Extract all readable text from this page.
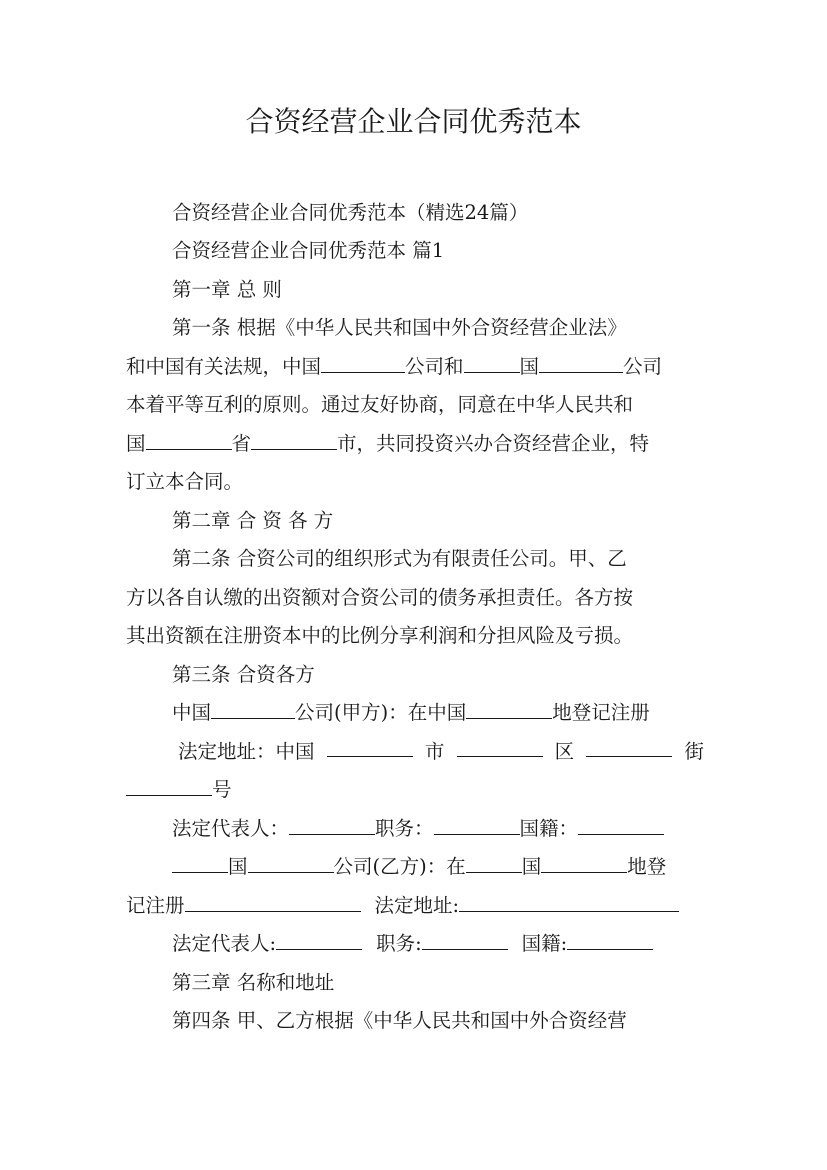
合资经营企业合同优秀范本
合资经营企业合同优秀范本（精选24篇）
合资经营企业合同优秀范本 篇1
第一章 总 则
第一条 根据《中华人民共和国中外合资经营企业法》
和中国有关法规，中国	公司和	国	公司
本着平等互利的原则。通过友好协商，同意在中华人民共和
国	省	市，共同投资兴办合资经营企业，特
订立本合同。
第二章 合 资 各 方
第二条 合资公司的组织形式为有限责任公司。甲、乙
方以各自认缴的出资额对合资公司的债务承担责任。各方按
其出资额在注册资本中的比例分享利润和分担风险及亏损。
第三条 合资各方
中国	公司(甲方)：在中国	地登记注册
法定地址：中国	市	区	街
号
法定代表人：	职务：	国籍：
国	公司(乙方)：在	国	地登
记注册	法定地址:
法定代表人:	职务:	国籍:
第三章 名称和地址
第四条 甲、乙方根据《中华人民共和国中外合资经营
